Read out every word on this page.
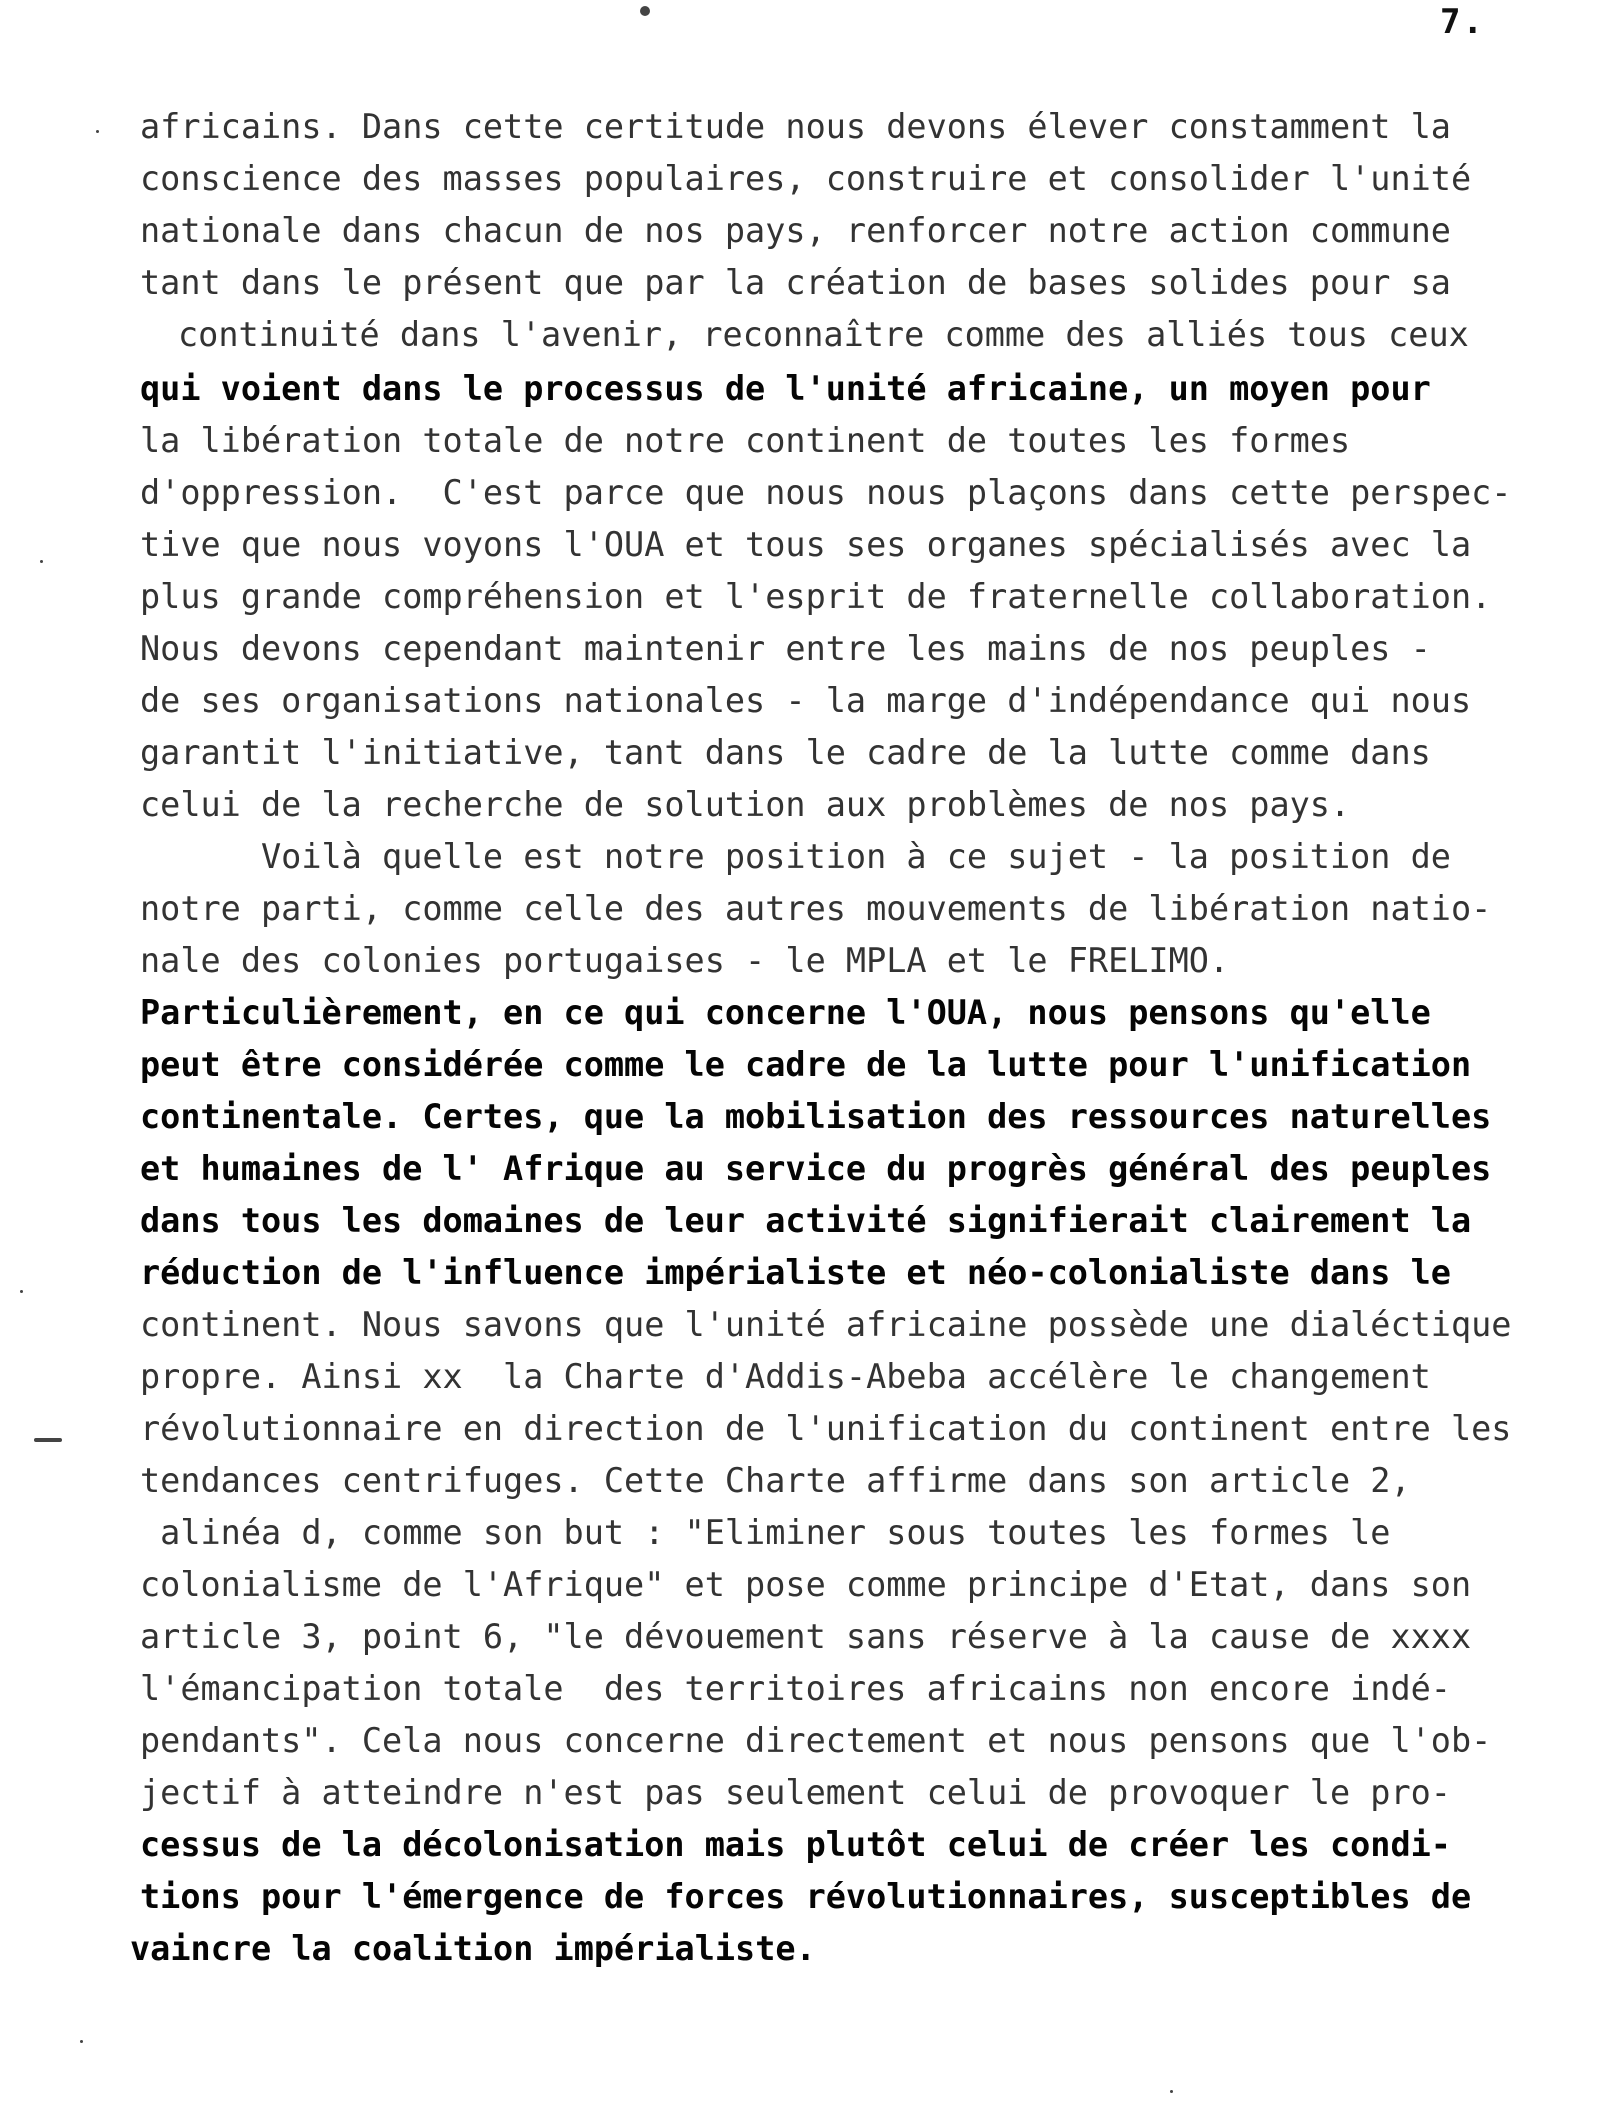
7.
africains. Dans cette certitude nous devons élever constamment la
conscience des masses populaires, construire et consolider l'unité
nationale dans chacun de nos pays, renforcer notre action commune
tant dans le présent que par la création de bases solides pour sa
continuité dans l'avenir, reconnaître comme des alliés tous ceux
qui voient dans le processus de l'unité africaine, un moyen pour
la libération totale de notre continent de toutes les formes
d'oppression.  C'est parce que nous nous plaçons dans cette perspec-
tive que nous voyons l'OUA et tous ses organes spécialisés avec la
plus grande compréhension et l'esprit de fraternelle collaboration.
Nous devons cependant maintenir entre les mains de nos peuples -
de ses organisations nationales - la marge d'indépendance qui nous
garantit l'initiative, tant dans le cadre de la lutte comme dans
celui de la recherche de solution aux problèmes de nos pays.
Voilà quelle est notre position à ce sujet - la position de
notre parti, comme celle des autres mouvements de libération natio-
nale des colonies portugaises - le MPLA et le FRELIMO.
Particulièrement, en ce qui concerne l'OUA, nous pensons qu'elle
peut être considérée comme le cadre de la lutte pour l'unification
continentale. Certes, que la mobilisation des ressources naturelles
et humaines de l' Afrique au service du progrès général des peuples
dans tous les domaines de leur activité signifierait clairement la
réduction de l'influence impérialiste et néo-colonialiste dans le
continent. Nous savons que l'unité africaine possède une dialéctique
propre. Ainsi xx  la Charte d'Addis-Abeba accélère le changement
révolutionnaire en direction de l'unification du continent entre les
tendances centrifuges. Cette Charte affirme dans son article 2,
alinéa d, comme son but : "Eliminer sous toutes les formes le
colonialisme de l'Afrique" et pose comme principe d'Etat, dans son
article 3, point 6, "le dévouement sans réserve à la cause de xxxx
l'émancipation totale  des territoires africains non encore indé-
pendants". Cela nous concerne directement et nous pensons que l'ob-
jectif à atteindre n'est pas seulement celui de provoquer le pro-
cessus de la décolonisation mais plutôt celui de créer les condi-
tions pour l'émergence de forces révolutionnaires, susceptibles de
vaincre la coalition impérialiste.
